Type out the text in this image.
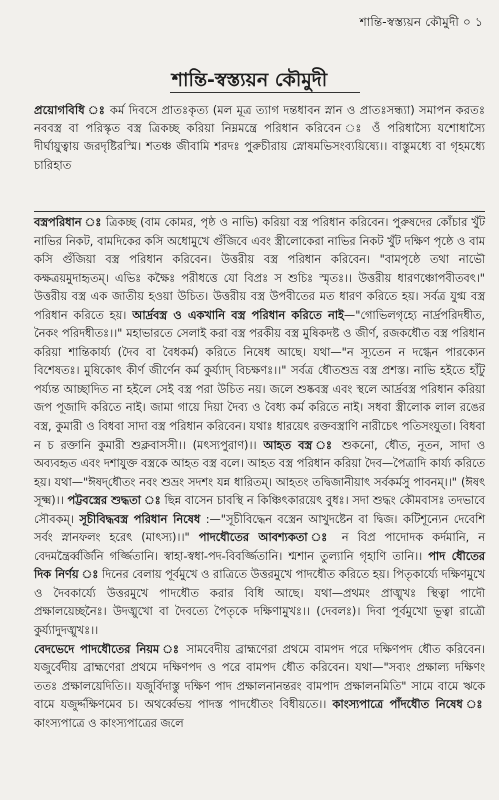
শান্তি-স্বস্ত্যয়ন কৌমুদী ০ ১
শান্তি-স্বস্ত্যয়ন কৌমুদী
প্রয়োগবিধি ঃ কর্ম দিবসে প্রাতঃকৃত্য (মল মূত্র ত্যাগ দন্তধাবন স্নান ও প্রাতঃসন্ধ্যা) সমাপন করতঃ নববস্ত্র বা পরিস্কৃত বস্ত্র ত্রিকচ্ছ করিয়া নিম্নমন্ত্রে পরিধান করিবেন ঃ ওঁ পরিধাস্যৈ যশোধাস্যৈ দীর্ঘায়ুত্বায় জরদৃষ্টিরস্মি। শতঞ্চ জীবামি শরদঃ পুরুচীরায় স্নোষমভিসংব্যয়িষ্যে।। বাস্তুমধ্যে বা গৃহমধ্যে চারিহাত

বস্ত্রপরিধান ঃ ত্রিকচ্ছ (বাম কোমর, পৃষ্ঠ ও নাভি) করিয়া বস্ত্র পরিধান করিবেন। পুরুষদের কোঁচার খুঁট নাভির নিকট, বামদিকের কসি অধোমুখে গুঁজিবে এবং স্ত্রীলোকেরা নাভির নিকট খুঁট দক্ষিণ পৃষ্ঠে ও বাম কসি গুঁজিয়া বস্ত্র পরিধান করিবেন। উত্তরীয় বস্ত্র পরিধান করিবেন। "বামপৃষ্ঠে তথা নাভৌ কক্ষত্রয়মুদাহৃতম্। এভিঃ কক্ষৈঃ পরীধত্তে যো বিপ্রঃ স শুচিঃ স্মৃতঃ।। উত্তরীয় ধারণঞ্চোপবীতবৎ।" উত্তরীয় বস্ত্র এক জাতীয় হওয়া উচিত। উত্তরীয় বস্ত্র উপবীতের মত ধারণ করিতে হয়। সর্বত্র যুগ্ম বস্ত্র পরিধান করিতে হয়। আর্দ্রবস্ত্র ও একখানি বস্ত্র পরিধান করিতে নাই—"গোভিলগৃহ্যে নার্দ্রপরিদধীত, নৈকং পরিদধীতঃ।।" মহাভারতে সেলাই করা বস্ত্র পরকীয় বস্ত্র মুষিকদষ্ট ও জীর্ণ, রজকধৌত বস্ত্র পরিধান করিয়া শান্তিকার্য্য (দৈব বা বৈধকর্ম) করিতে নিষেধ আছে। যথা—"ন স্যূতেন ন দগ্ধেন পারক্যেন বিশেষতঃ। মুষিকোৎ কীর্ণ জীর্ণেন কর্ম কুর্য্যাদ্ বিচক্ষণঃ।।" সর্বত্র ধৌতশুভ্র বস্ত্র প্রশস্ত। নাভি হইতে হাঁটু পর্য্যন্ত আচ্ছাদিত না হইলে সেই বস্ত্র পরা উচিত নয়। জলে শুষ্কবস্ত্র এবং স্থলে আর্দ্রবস্ত্র পরিধান করিয়া জপ পূজাদি করিতে নাই। জামা গায়ে দিয়া দৈব্য ও বৈধ্য কর্ম করিতে নাই। সধবা স্ত্রীলোক লাল রঙের বস্ত্র, কুমারী ও বিধবা সাদা বস্ত্র পরিধান করিবেন। যথাঃ ধারয়েৎ রক্তবস্ত্রাণি নারীচেৎ পতিসংযুতা। বিধবা ন চ রক্তানি কুমারী শুক্লবাসসী।। (মৎস্যপুরাণ)।। আহত বস্ত্র ঃ শুকনো, ধৌত, নূতন, সাদা ও অব্যবহৃত এবং দশাযুক্ত বস্ত্রকে আহত বস্ত্র বলে। আহত বস্ত্র পরিধান করিয়া দৈব—পৈত্রাদি কার্য্য করিতে হয়। যথা—"ঈষদ্‌ধৌতং নবং শুভ্রং সদশং যন্ন ধারিতম্। আহতং তদ্বিজানীয়াৎ সর্বকর্মসু পাবনম্।।" (ঈষৎ সূক্ষ্ম)।। পট্টবস্ত্রের শুদ্ধতা ঃ ছিন্ন বাসেন চাবস্থি ন কিঞ্চিৎকারয়েৎ বুধঃ। সদা শুদ্ধং কৌমবাসঃ তদভাবে সৌবকম্। সূচীবিদ্ধবস্ত্র পরিধান নিষেধ :—"সূচীবিদ্ধেন বস্ত্রেন আখুদষ্টেন বা দ্বিজ। কটিশূন্যেন দেবেশি সর্বং স্নানফলং হরেৎ (মাৎস্য)।।" পাদধৌতের আবশ্যকতা ঃ ন বিপ্র পাদোদক কর্দমানি, ন বেদমন্ত্রৈর্ব্বর্জিনি গর্জ্জিতানি। স্বাহা-স্বধা-পদ-বিবর্জ্জিতানি। শ্মশান তুল্যানি গৃহাণি তানি।। পাদ ধৌতের দিক নির্ণয় ঃ দিনের বেলায় পূর্বমুখে ও রাত্রিতে উত্তরমুখে পাদধৌত করিতে হয়। পিতৃকার্য্যে দক্ষিণমুখে ও দৈবকার্য্যে উত্তরমুখে পাদধৌত করার বিধি আছে। যথা—প্রথমং প্রাঙ্মুখঃ স্থিত্বা পাদৌ প্রক্ষালয়েচ্ছনৈঃ। উদঙ্মুখো বা দৈবত্যে পৈতৃকে দক্ষিণামুখঃ।। (দেবলঃ)। দিবা পূর্বমুখো ভূত্বা রাত্রৌ কুর্য্যাদুদঙ্মুখঃ।।

বেদভেদে পাদধৌতের নিয়ম ঃ সামবেদীয় ব্রাহ্মণেরা প্রথমে বামপদ পরে দক্ষিণপদ ধৌত করিবেন। যজুর্বেদীয় ব্রাহ্মণেরা প্রথমে দক্ষিণপদ ও পরে বামপদ ধৌত করিবেন। যথা—"সব্যং প্রক্ষাল্য দক্ষিণং ততঃ প্রক্ষালয়েদিতি।। যজুর্বিদাস্তু দক্ষিণ পাদ প্রক্ষালনানন্তরং বামপাদ প্রক্ষালনমিতি" সামে বামে ঋকে বামে যজুর্দ্দক্ষিণমেব চ। অথর্ব্বেভয় পাদস্ত পাদধৌতং বিধীয়তে।। কাংস্যপাত্রে পাঁদধৌত নিষেধ ঃ কাংস্যপাত্রে ও কাংস্যপাত্রের জলে
